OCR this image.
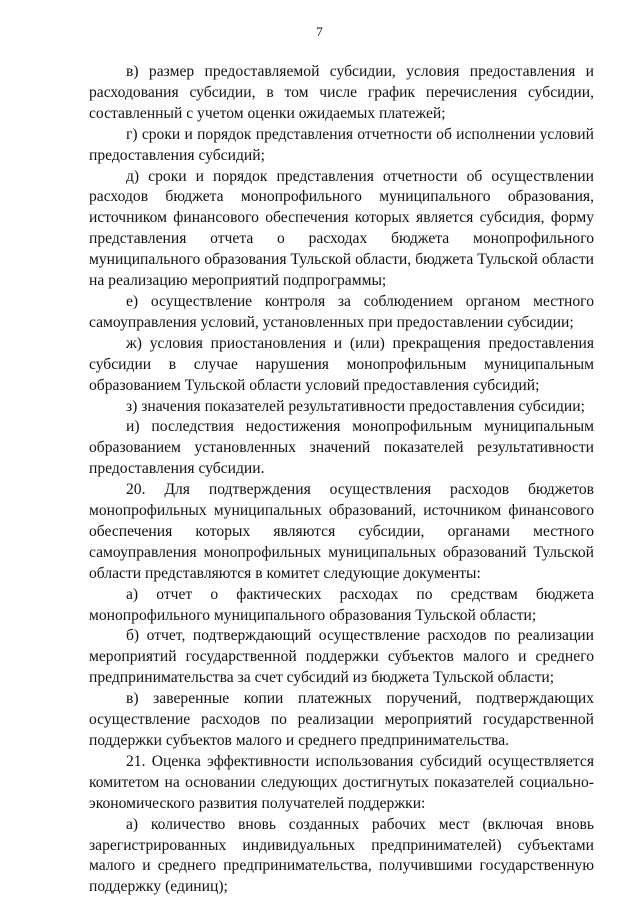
7

в) размер предоставляемой субсидии, условия предоставления и расходования субсидии, в том числе график перечисления субсидии, составленный с учетом оценки ожидаемых платежей;

г) сроки и порядок представления отчетности об исполнении условий предоставления субсидий;

д) сроки и порядок представления отчетности об осуществлении расходов бюджета монопрофильного муниципального образования, источником финансового обеспечения которых является субсидия, форму представления отчета о расходах бюджета монопрофильного муниципального образования Тульской области, бюджета Тульской области на реализацию мероприятий подпрограммы;

е) осуществление контроля за соблюдением органом местного самоуправления условий, установленных при предоставлении субсидии;

ж) условия приостановления и (или) прекращения предоставления субсидии в случае нарушения монопрофильным муниципальным образованием Тульской области условий предоставления субсидий;

з) значения показателей результативности предоставления субсидии;

и) последствия недостижения монопрофильным муниципальным образованием установленных значений показателей результативности предоставления субсидии.

20. Для подтверждения осуществления расходов бюджетов монопрофильных муниципальных образований, источником финансового обеспечения которых являются субсидии, органами местного самоуправления монопрофильных муниципальных образований Тульской области представляются в комитет следующие документы:

а) отчет о фактических расходах по средствам бюджета монопрофильного муниципального образования Тульской области;

б) отчет, подтверждающий осуществление расходов по реализации мероприятий государственной поддержки субъектов малого и среднего предпринимательства за счет субсидий из бюджета Тульской области;

в) заверенные копии платежных поручений, подтверждающих осуществление расходов по реализации мероприятий государственной поддержки субъектов малого и среднего предпринимательства.

21. Оценка эффективности использования субсидий осуществляется комитетом на основании следующих достигнутых показателей социально-экономического развития получателей поддержки:

а) количество вновь созданных рабочих мест (включая вновь зарегистрированных индивидуальных предпринимателей) субъектами малого и среднего предпринимательства, получившими государственную поддержку (единиц);
